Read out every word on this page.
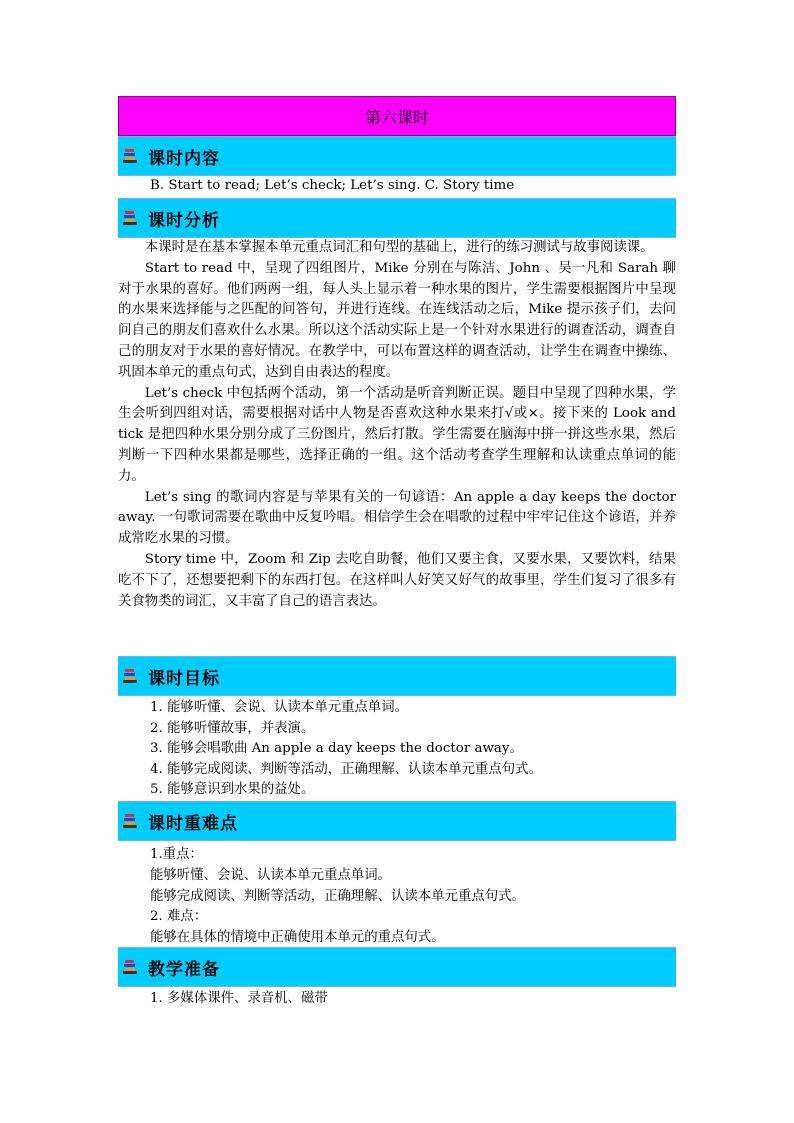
第六课时
课时内容
B. Start to read; Let’s check; Let’s sing. C. Story time
课时分析

本课时是在基本掌握本单元重点词汇和句型的基础上，进行的练习测试与故事阅读课。

Start to read 中，呈现了四组图片，Mike 分别在与陈洁、John 、吴一凡和 Sarah 聊对于水果的喜好。他们两两一组，每人头上显示着一种水果的图片，学生需要根据图片中呈现的水果来选择能与之匹配的问答句，并进行连线。在连线活动之后，Mike 提示孩子们，去问问自己的朋友们喜欢什么水果。所以这个活动实际上是一个针对水果进行的调查活动，调查自己的朋友对于水果的喜好情况。在教学中，可以布置这样的调查活动，让学生在调查中操练、巩固本单元的重点句式，达到自由表达的程度。

Let’s check 中包括两个活动，第一个活动是听音判断正误。题目中呈现了四种水果，学生会听到四组对话，需要根据对话中人物是否喜欢这种水果来打√或×。接下来的 Look and tick 是把四种水果分别分成了三份图片，然后打散。学生需要在脑海中拼一拼这些水果，然后判断一下四种水果都是哪些，选择正确的一组。这个活动考查学生理解和认读重点单词的能力。

Let’s sing 的歌词内容是与苹果有关的一句谚语：An apple a day keeps the doctor away. 一句歌词需要在歌曲中反复吟唱。相信学生会在唱歌的过程中牢牢记住这个谚语，并养成常吃水果的习惯。

Story time 中，Zoom 和 Zip 去吃自助餐，他们又要主食，又要水果，又要饮料，结果吃不下了，还想要把剩下的东西打包。在这样叫人好笑又好气的故事里，学生们复习了很多有关食物类的词汇，又丰富了自己的语言表达。

课时目标
1. 能够听懂、会说、认读本单元重点单词。
2. 能够听懂故事，并表演。
3. 能够会唱歌曲 An apple a day keeps the doctor away。
4. 能够完成阅读、判断等活动，正确理解、认读本单元重点句式。
5. 能够意识到水果的益处。
课时重难点
1.重点：
能够听懂、会说、认读本单元重点单词。
能够完成阅读、判断等活动，正确理解、认读本单元重点句式。
2. 难点：
能够在具体的情境中正确使用本单元的重点句式。
教学准备
1. 多媒体课件、录音机、磁带
